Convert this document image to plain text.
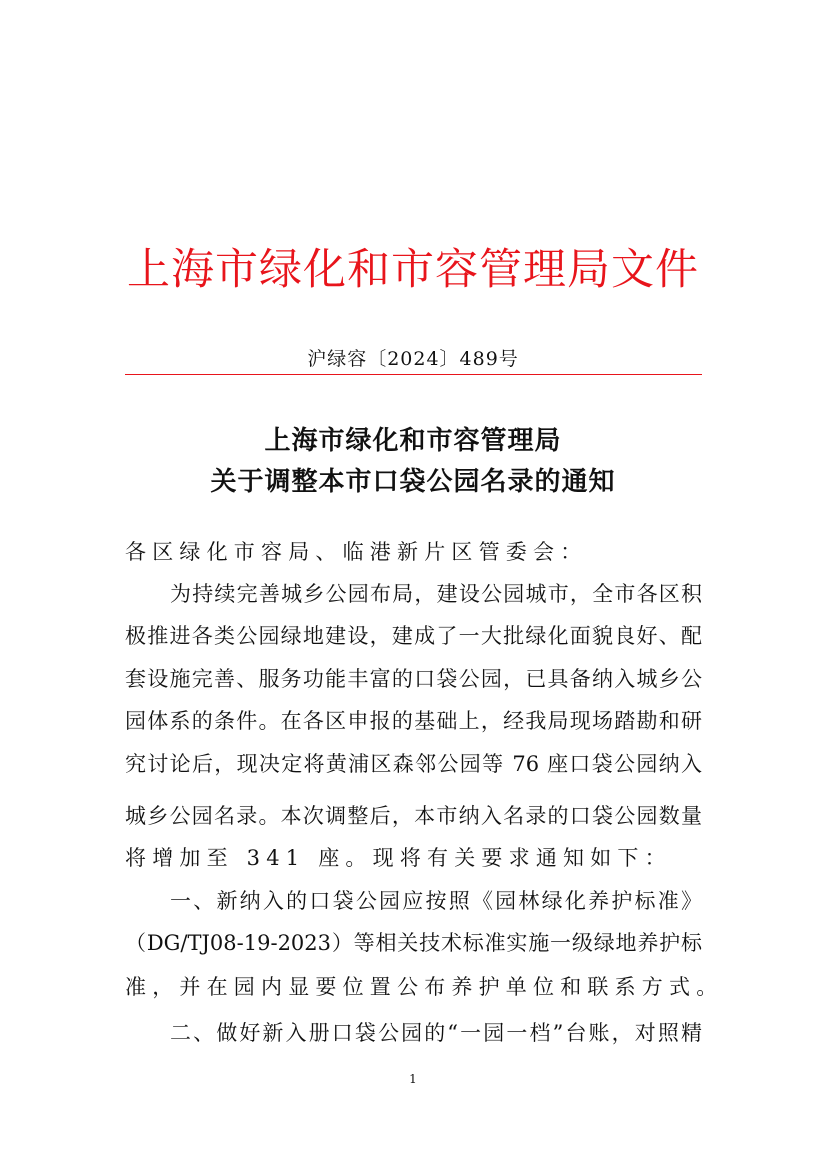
上海市绿化和市容管理局文件
沪绿容〔2024〕489号
上海市绿化和市容管理局
关于调整本市口袋公园名录的通知
各区绿化市容局、临港新片区管委会：
为持续完善城乡公园布局，建设公园城市，全市各区积
极推进各类公园绿地建设，建成了一大批绿化面貌良好、配
套设施完善、服务功能丰富的口袋公园，已具备纳入城乡公
园体系的条件。在各区申报的基础上，经我局现场踏勘和研
究讨论后，现决定将黄浦区森邻公园等 76 座口袋公园纳入
城乡公园名录。本次调整后，本市纳入名录的口袋公园数量
将增加至 341 座。现将有关要求通知如下：
一、新纳入的口袋公园应按照《园林绿化养护标准》
（DG/TJ08-19-2023）等相关技术标准实施一级绿地养护标
准，并在园内显要位置公布养护单位和联系方式。
二、做好新入册口袋公园的“一园一档”台账，对照精
1
